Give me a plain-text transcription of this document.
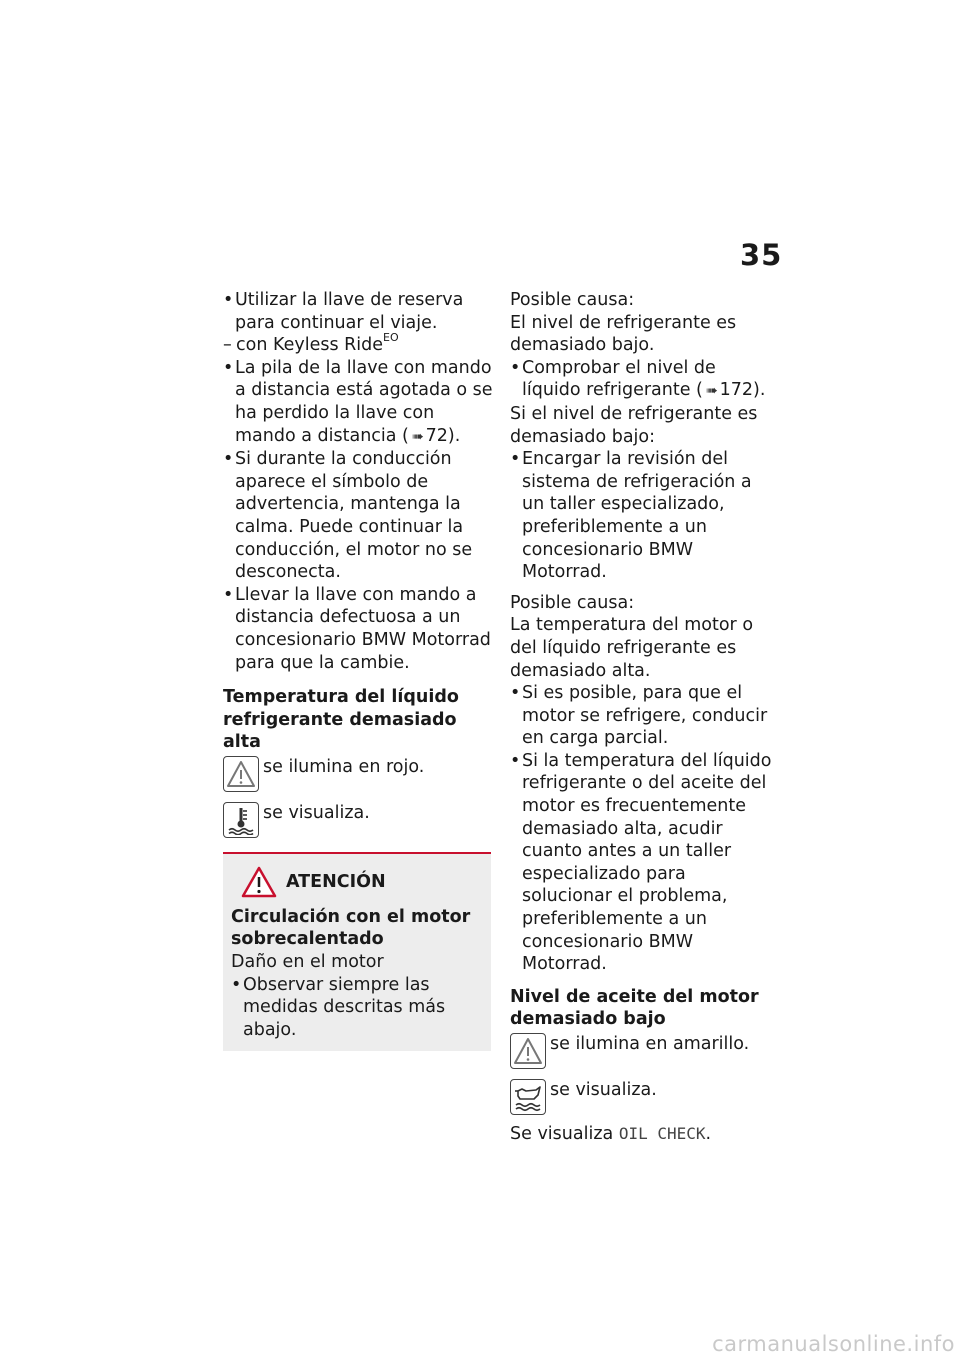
35
• Utilizar la llave de reserva para continuar el viaje.
– con Keyless Ride$^{EO}$
• La pila de la llave con mando a distancia está agotada o se ha perdido la llave con mando a distancia ( ➠ 72).
• Si durante la conducción aparece el símbolo de advertencia, mantenga la calma. Puede continuar la conducción, el motor no se desconecta.
• Llevar la llave con mando a distancia defectuosa a un concesionario BMW Motorrad para que la cambie.
Temperatura del líquido refrigerante demasiado alta

se ilumina en rojo.

se visualiza.

ATENCIÓN
Circulación con el motor sobrecalentado

Daño en el motor

• Observar siempre las medidas descritas más abajo.

Posible causa:

El nivel de refrigerante es demasiado bajo.

• Comprobar el nivel de líquido refrigerante ( ➠ 172).

Si el nivel de refrigerante es demasiado bajo:

• Encargar la revisión del sistema de refrigeración a un taller especializado, preferiblemente a un concesionario BMW Motorrad.

Posible causa:

La temperatura del motor o del líquido refrigerante es demasiado alta.

• Si es posible, para que el motor se refrigere, conducir en carga parcial.
• Si la temperatura del líquido refrigerante o del aceite del motor es frecuentemente demasiado alta, acudir cuanto antes a un taller especializado para solucionar el problema, preferiblemente a un concesionario BMW Motorrad.
Nivel de aceite del motor demasiado bajo

se ilumina en amarillo.

se visualiza.

Se visualiza OIL CHECK.

carmanualsonline.info
